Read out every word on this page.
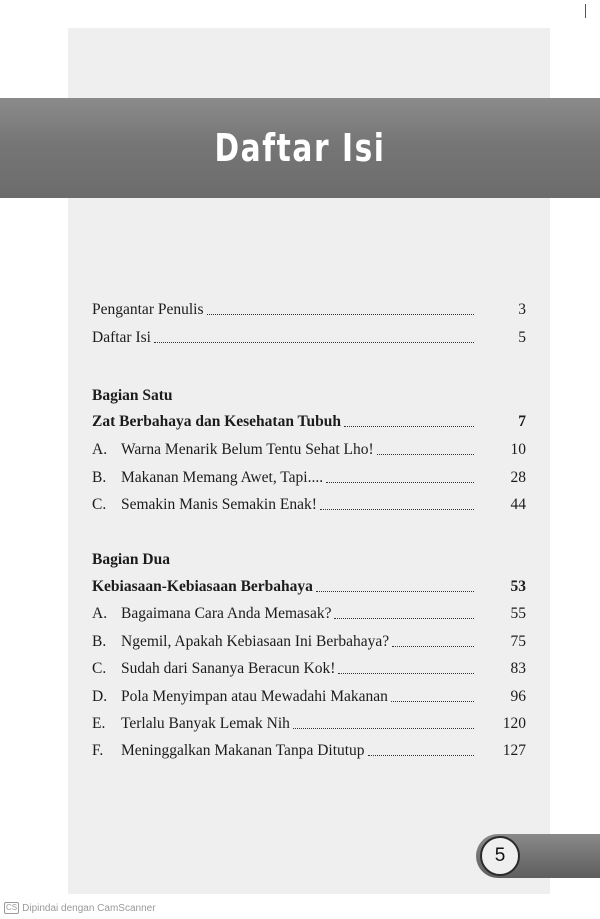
Daftar Isi
Pengantar Penulis	3
Daftar Isi	5
Bagian Satu
Zat Berbahaya dan Kesehatan Tubuh	7
A. Warna Menarik Belum Tentu Sehat Lho!	10
B. Makanan Memang Awet, Tapi....	28
C. Semakin Manis Semakin Enak!	44
Bagian Dua
Kebiasaan-Kebiasaan Berbahaya	53
A. Bagaimana Cara Anda Memasak?	55
B. Ngemil, Apakah Kebiasaan Ini Berbahaya?	75
C. Sudah dari Sananya Beracun Kok!	83
D. Pola Menyimpan atau Mewadahi Makanan	96
E.	Terlalu Banyak Lemak Nih	120
F.	Meninggalkan Makanan Tanpa Ditutup	127
5
CS Dipindai dengan CamScanner
